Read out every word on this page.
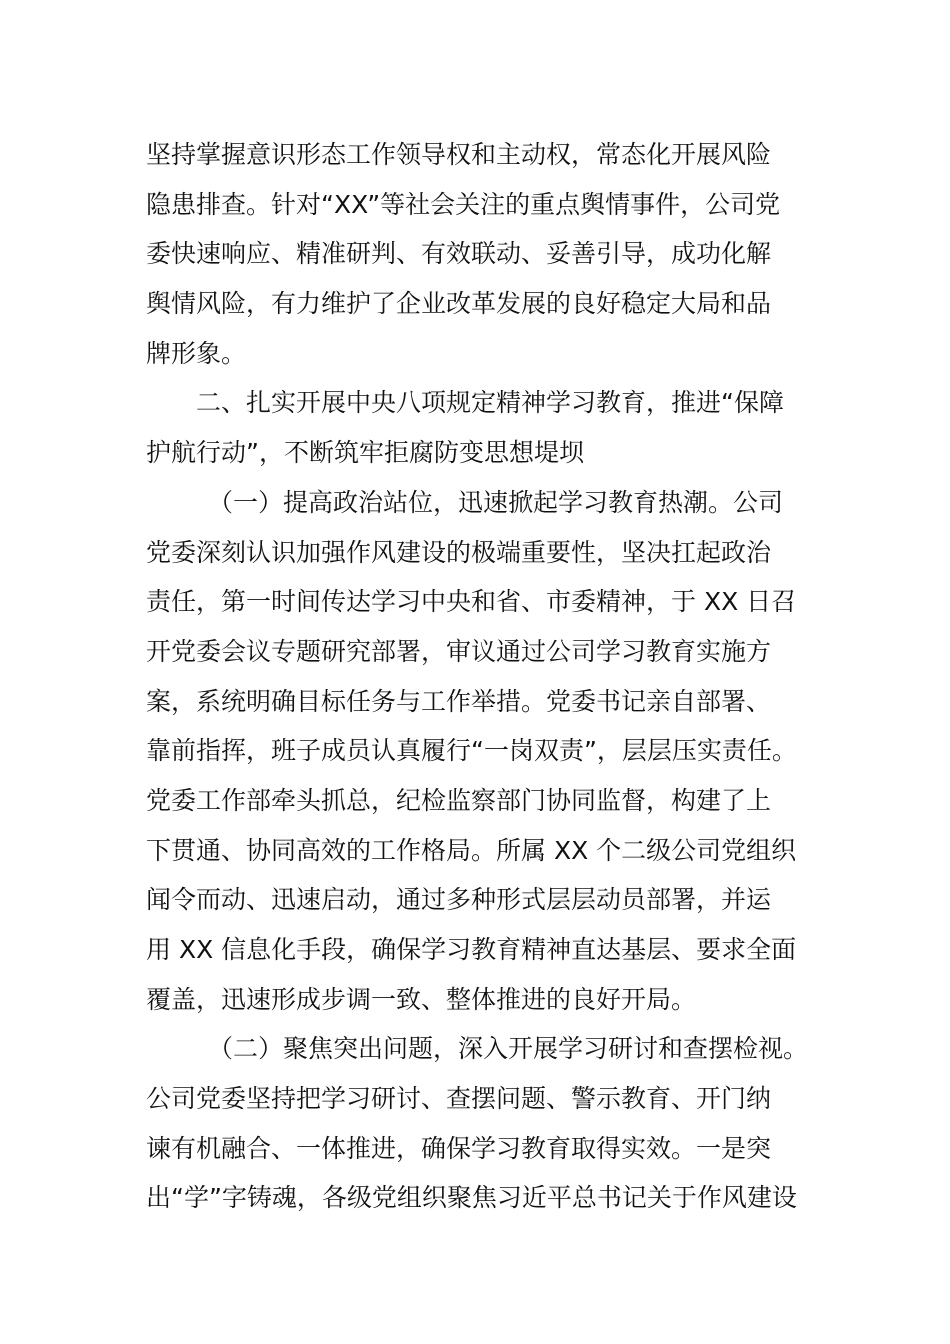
坚持掌握意识形态工作领导权和主动权，常态化开展风险
隐患排查。针对“XX”等社会关注的重点舆情事件，公司党
委快速响应、精准研判、有效联动、妥善引导，成功化解
舆情风险，有力维护了企业改革发展的良好稳定大局和品
牌形象。
二、扎实开展中央八项规定精神学习教育，推进“保障
护航行动”，不断筑牢拒腐防变思想堤坝
（一）提高政治站位，迅速掀起学习教育热潮。公司
党委深刻认识加强作风建设的极端重要性，坚决扛起政治
责任，第一时间传达学习中央和省、市委精神，于 XX 日召
开党委会议专题研究部署，审议通过公司学习教育实施方
案，系统明确目标任务与工作举措。党委书记亲自部署、
靠前指挥，班子成员认真履行“一岗双责”，层层压实责任。
党委工作部牵头抓总，纪检监察部门协同监督，构建了上
下贯通、协同高效的工作格局。所属 XX 个二级公司党组织
闻令而动、迅速启动，通过多种形式层层动员部署，并运
用 XX 信息化手段，确保学习教育精神直达基层、要求全面
覆盖，迅速形成步调一致、整体推进的良好开局。
（二）聚焦突出问题，深入开展学习研讨和查摆检视。
公司党委坚持把学习研讨、查摆问题、警示教育、开门纳
谏有机融合、一体推进，确保学习教育取得实效。一是突
出“学”字铸魂，各级党组织聚焦习近平总书记关于作风建设
